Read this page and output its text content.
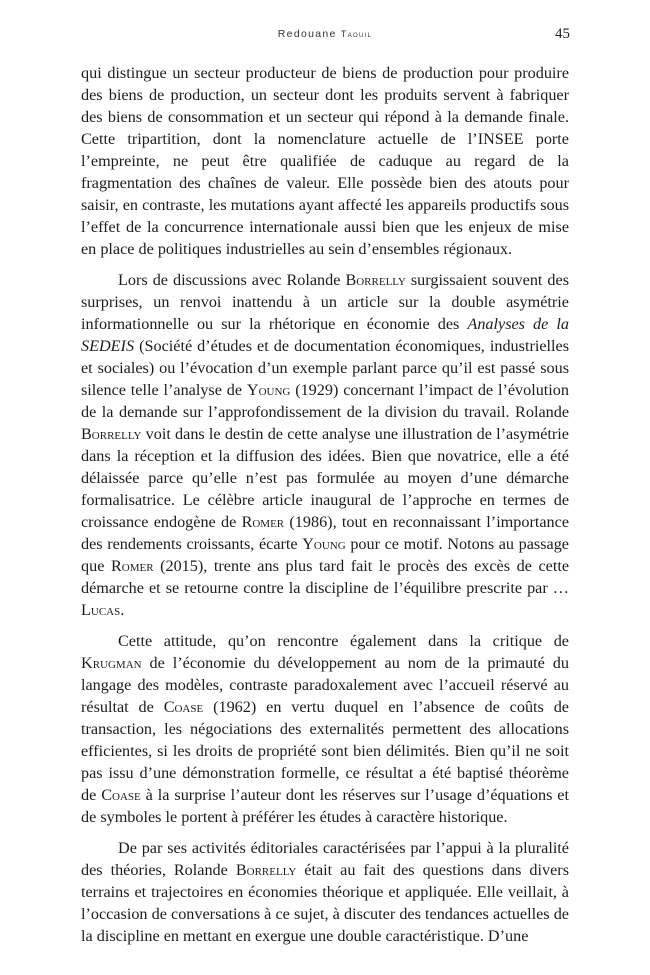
Redouane Taouil	45

qui distingue un secteur producteur de biens de production pour produire des biens de production, un secteur dont les produits servent à fabriquer des biens de consommation et un secteur qui répond à la demande finale. Cette tripartition, dont la nomenclature actuelle de l’INSEE porte l’empreinte, ne peut être qualifiée de caduque au regard de la fragmentation des chaînes de valeur. Elle possède bien des atouts pour saisir, en contraste, les mutations ayant affecté les appareils productifs sous l’effet de la concurrence internationale aussi bien que les enjeux de mise en place de politiques industrielles au sein d’ensembles régionaux.

Lors de discussions avec Rolande Borrelly surgissaient souvent des surprises, un renvoi inattendu à un article sur la double asymétrie informationnelle ou sur la rhétorique en économie des Analyses de la SEDEIS (Société d’études et de documentation économiques, industrielles et sociales) ou l’évocation d’un exemple parlant parce qu’il est passé sous silence telle l’analyse de Young (1929) concernant l’impact de l’évolution de la demande sur l’approfondissement de la division du travail. Rolande Borrelly voit dans le destin de cette analyse une illustration de l’asymétrie dans la réception et la diffusion des idées. Bien que novatrice, elle a été délaissée parce qu’elle n’est pas formulée au moyen d’une démarche formalisatrice. Le célèbre article inaugural de l’approche en termes de croissance endogène de Romer (1986), tout en reconnaissant l’importance des rendements croissants, écarte Young pour ce motif. Notons au passage que Romer (2015), trente ans plus tard fait le procès des excès de cette démarche et se retourne contre la discipline de l’équilibre prescrite par … Lucas.

Cette attitude, qu’on rencontre également dans la critique de Krugman de l’économie du développement au nom de la primauté du langage des modèles, contraste paradoxalement avec l’accueil réservé au résultat de Coase (1962) en vertu duquel en l’absence de coûts de transaction, les négociations des externalités permettent des allocations efficientes, si les droits de propriété sont bien délimités. Bien qu’il ne soit pas issu d’une démonstration formelle, ce résultat a été baptisé théorème de Coase à la surprise l’auteur dont les réserves sur l’usage d’équations et de symboles le portent à préférer les études à caractère historique.

De par ses activités éditoriales caractérisées par l’appui à la pluralité des théories, Rolande Borrelly était au fait des questions dans divers terrains et trajectoires en économies théorique et appliquée. Elle veillait, à l’occasion de conversations à ce sujet, à discuter des tendances actuelles de la discipline en mettant en exergue une double caractéristique. D’une
